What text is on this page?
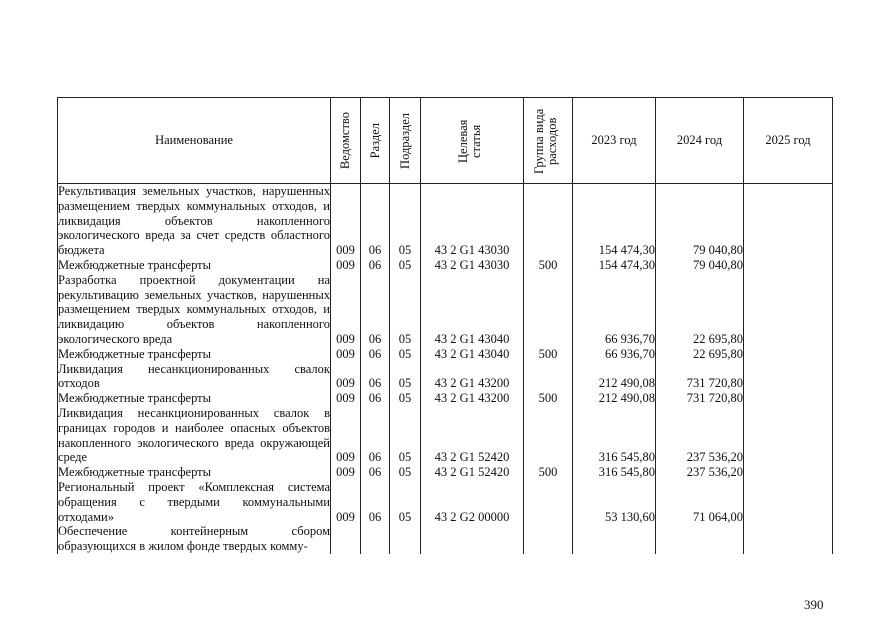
Наименование	Ведомство	Раздел	Подраздел	Целевая статья	Группа вида расходов	2023 год	2024 год	2025 год
Рекультивация земельных участков, нарушенных размещением твердых коммунальных отходов, и ликвидация объектов накопленного экологического вреда за счет средств областного бюджета	009	06	05	43 2 G1 43030		154 474,30	79 040,80	
Межбюджетные трансферты	009	06	05	43 2 G1 43030	500	154 474,30	79 040,80	
Разработка проектной документации на рекультивацию земельных участков, нарушенных размещением твердых коммунальных отходов, и ликвидацию объектов накопленного экологического вреда	009	06	05	43 2 G1 43040		66 936,70	22 695,80	
Межбюджетные трансферты	009	06	05	43 2 G1 43040	500	66 936,70	22 695,80	
Ликвидация несанкционированных свалок отходов	009	06	05	43 2 G1 43200		212 490,08	731 720,80	
Межбюджетные трансферты	009	06	05	43 2 G1 43200	500	212 490,08	731 720,80	
Ликвидация несанкционированных свалок в границах городов и наиболее опасных объектов накопленного экологического вреда окружающей среде	009	06	05	43 2 G1 52420		316 545,80	237 536,20	
Межбюджетные трансферты	009	06	05	43 2 G1 52420	500	316 545,80	237 536,20	
Региональный проект «Комплексная система обращения с твердыми коммунальными отходами»	009	06	05	43 2 G2 00000		53 130,60	71 064,00	
Обеспечение контейнерным сбором образующихся в жилом фонде твердых комму-								
390
